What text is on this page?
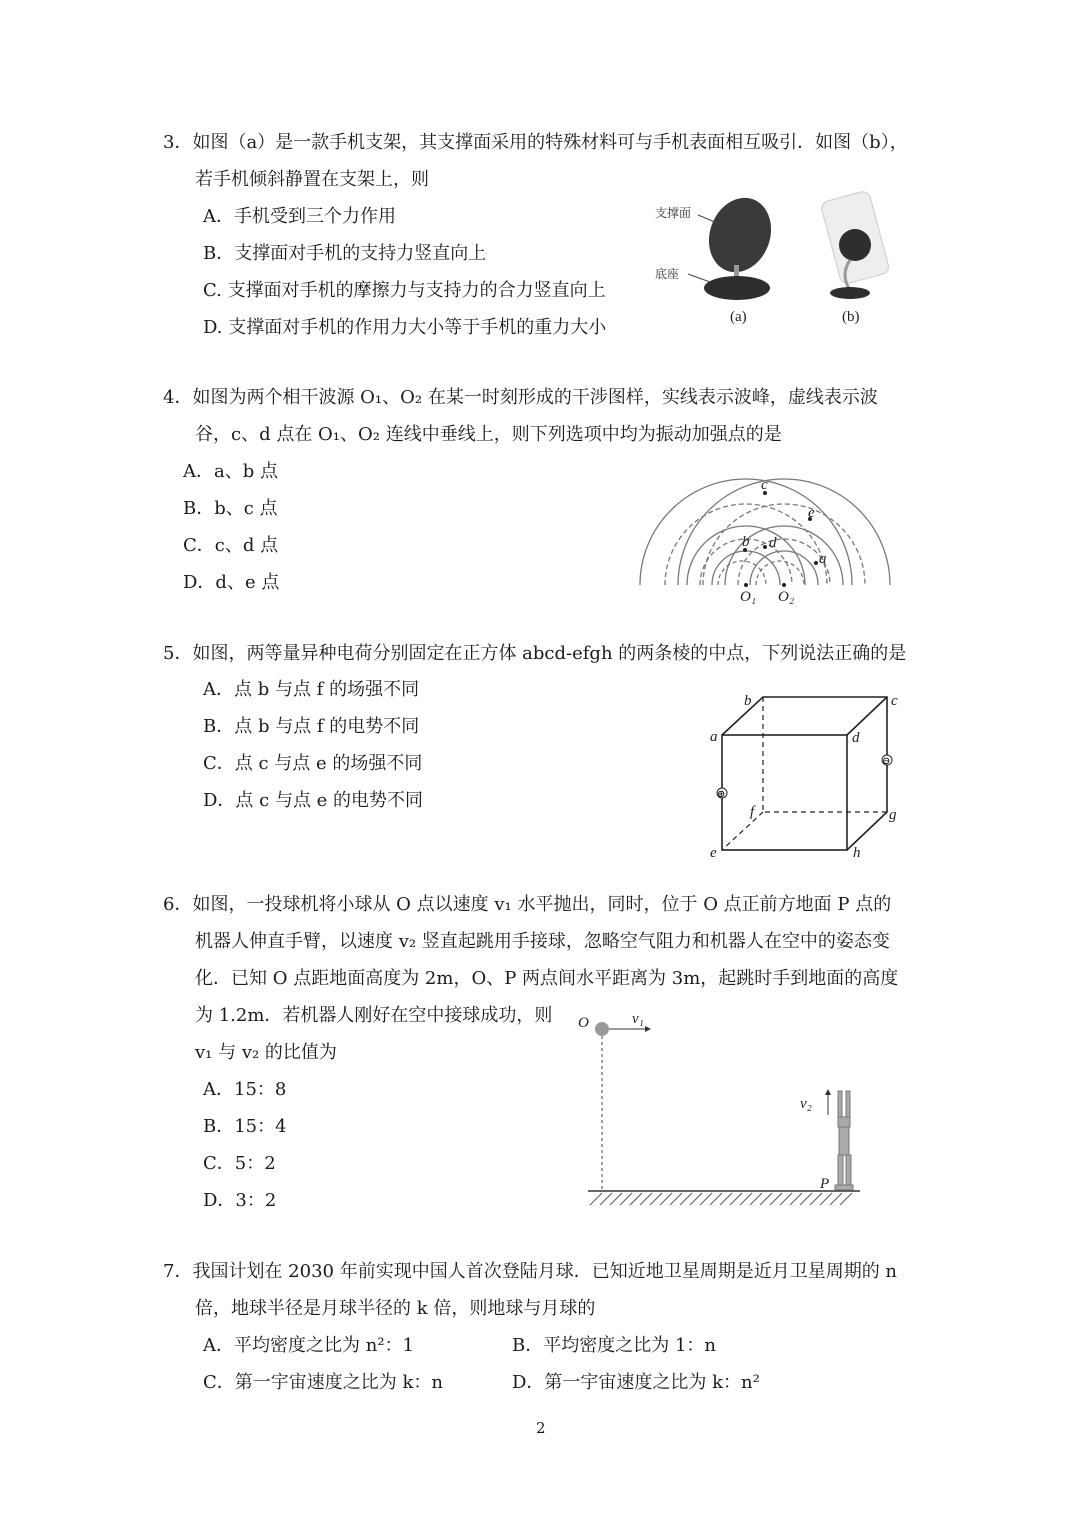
3．如图（a）是一款手机支架，其支撑面采用的特殊材料可与手机表面相互吸引．如图（b），
若手机倾斜静置在支架上，则
A．手机受到三个力作用
B．支撑面对手机的支持力竖直向上
C. 支撑面对手机的摩擦力与支持力的合力竖直向上
D. 支撑面对手机的作用力大小等于手机的重力大小
支撑面
底座
(a)	(b)
4．如图为两个相干波源 O₁、O₂ 在某一时刻形成的干涉图样，实线表示波峰，虚线表示波
谷，c、d 点在 O₁、O₂ 连线中垂线上，则下列选项中均为振动加强点的是
A．a、b 点
B．b、c 点
C．c、d 点
D．d、e 点
c
d
b
e
a
O₁ O₂
5．如图，两等量异种电荷分别固定在正方体 abcd-efgh 的两条棱的中点，下列说法正确的是
A．点 b 与点 f 的场强不同
B．点 b 与点 f 的电势不同
C．点 c 与点 e 的场强不同
D．点 c 与点 e 的电势不同	⊕
⊖
a
b	c
d
e
f	g
h
6．如图，一投球机将小球从 O 点以速度 v₁ 水平抛出，同时，位于 O 点正前方地面 P 点的
机器人伸直手臂，以速度 v₂ 竖直起跳用手接球，忽略空气阻力和机器人在空中的姿态变
化．已知 O 点距地面高度为 2m，O、P 两点间水平距离为 3m，起跳时手到地面的高度
为 1.2m．若机器人刚好在空中接球成功，则
v₁ 与 v₂ 的比值为
A．15：8
B．15：4
C．5：2
D．3：2
O	v₁
v₂
P
7．我国计划在 2030 年前实现中国人首次登陆月球．已知近地卫星周期是近月卫星周期的 n
倍，地球半径是月球半径的 k 倍，则地球与月球的
A．平均密度之比为 n²：1	B．平均密度之比为 1：n
C．第一宇宙速度之比为 k：n	D．第一宇宙速度之比为 k：n²
2
